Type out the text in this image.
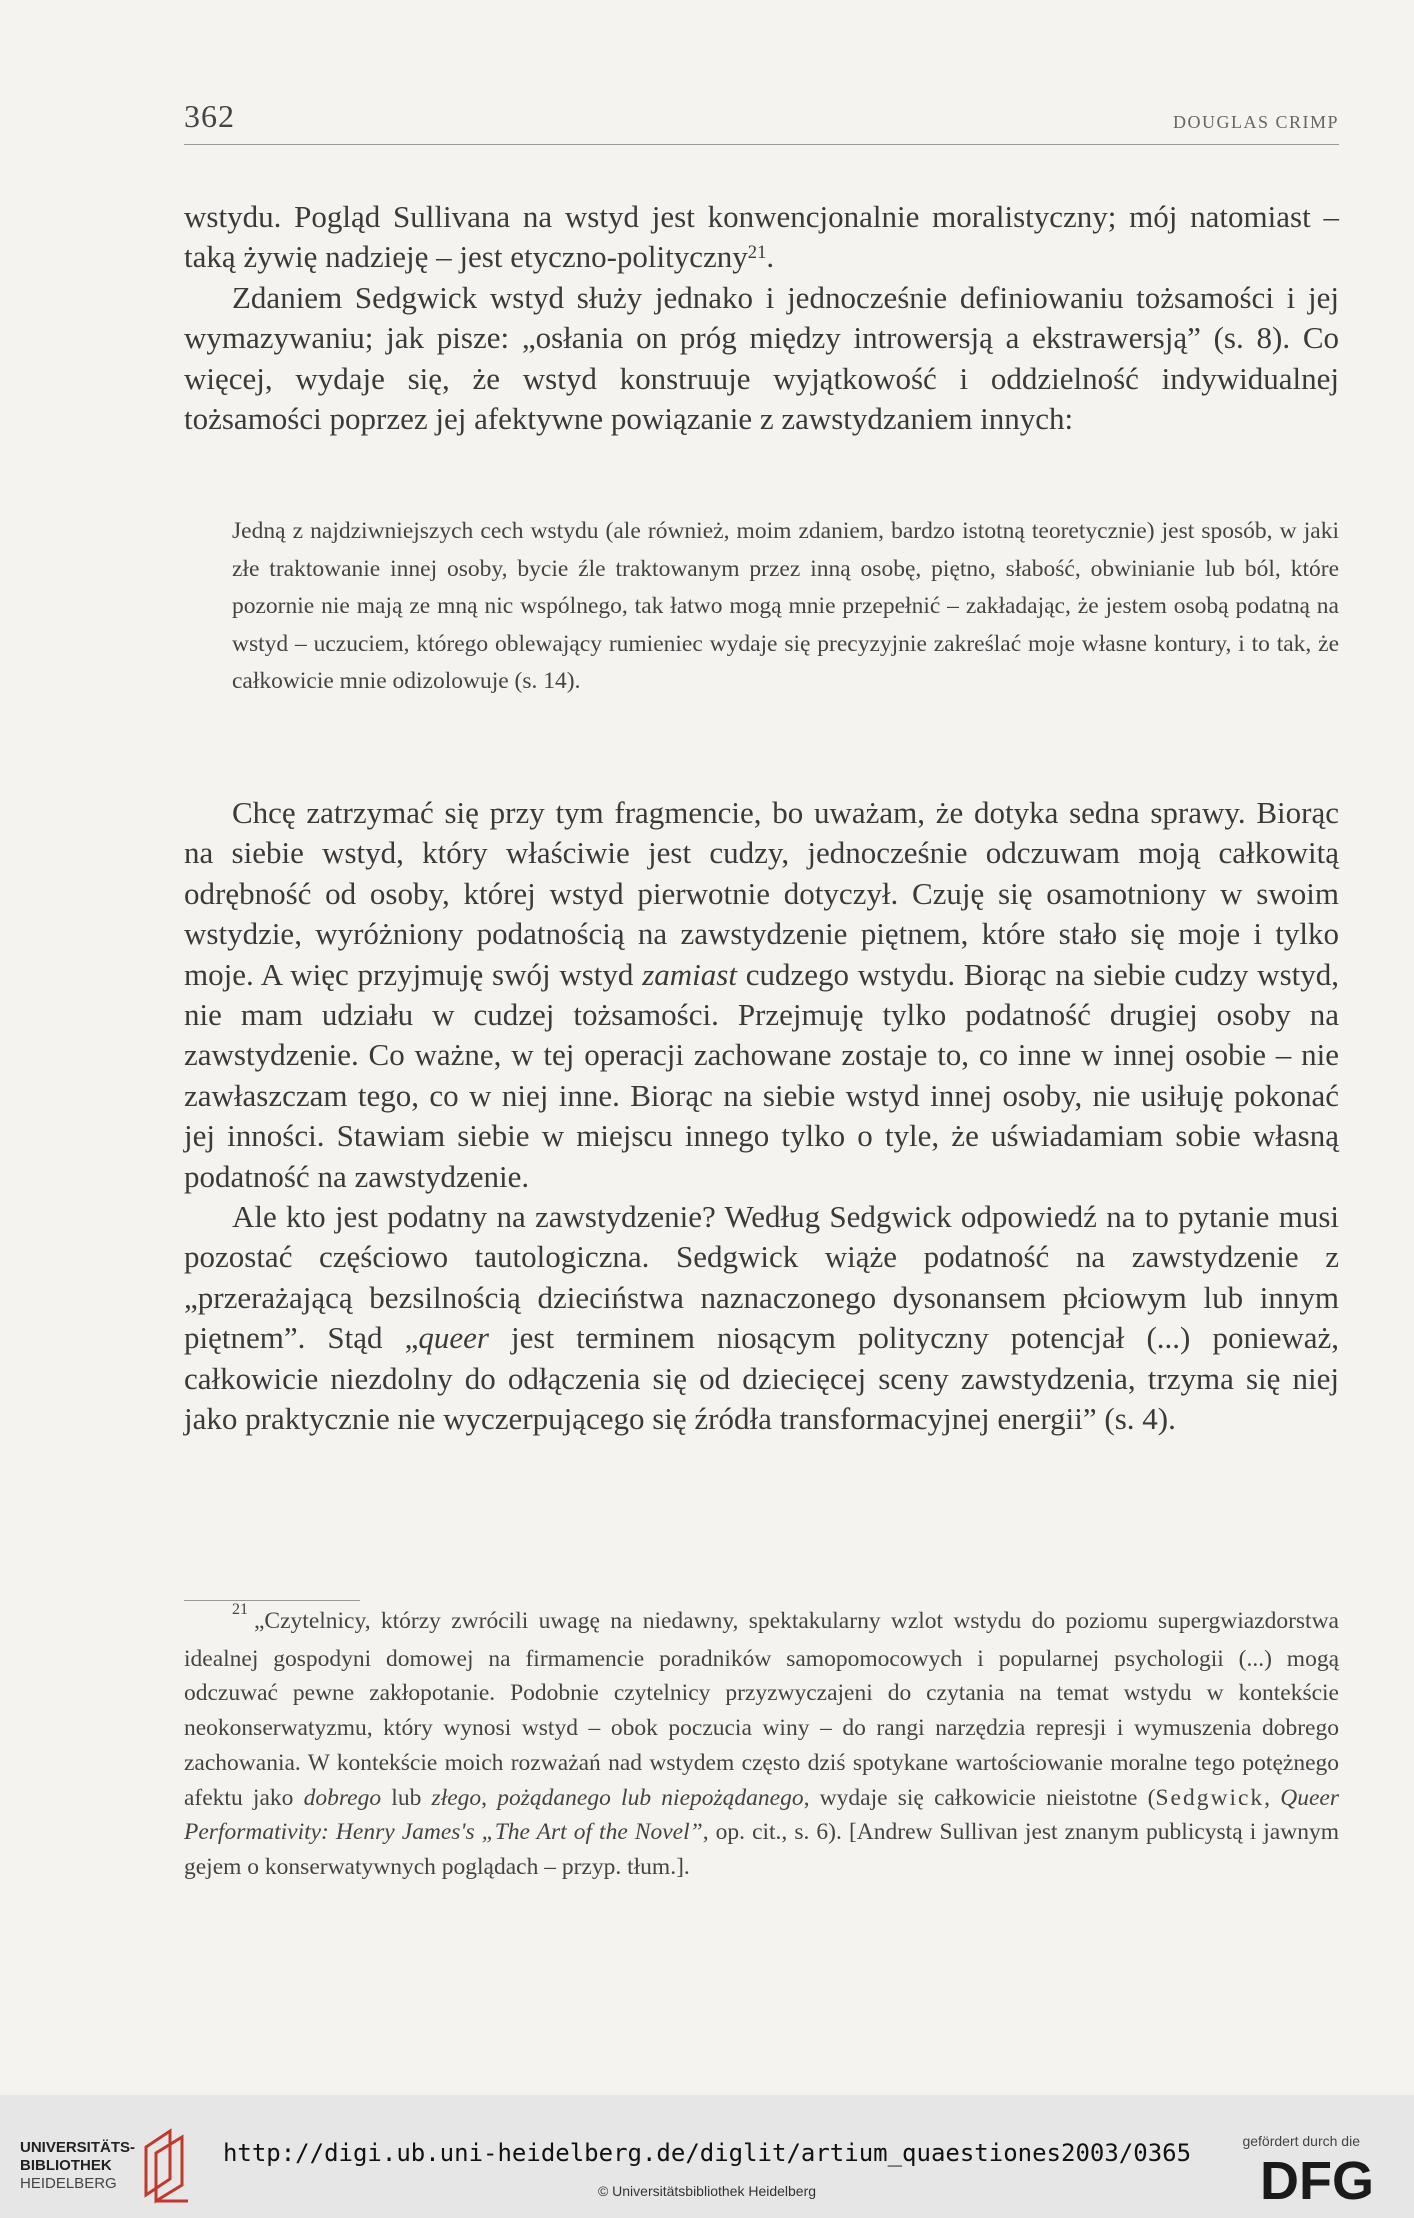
362	DOUGLAS CRIMP

wstydu. Pogląd Sullivana na wstyd jest konwencjonalnie moralistyczny; mój natomiast – taką żywię nadzieję – jest etyczno-polityczny$^{21}$.

Zdaniem Sedgwick wstyd służy jednako i jednocześnie definiowaniu tożsamości i jej wymazywaniu; jak pisze: „osłania on próg między introwersją a ekstrawersją” (s. 8). Co więcej, wydaje się, że wstyd konstruuje wyjątkowość i oddzielność indywidualnej tożsamości poprzez jej afektywne powiązanie z zawstydzaniem innych:

Jedną z najdziwniejszych cech wstydu (ale również, moim zdaniem, bardzo istotną teoretycznie) jest sposób, w jaki złe traktowanie innej osoby, bycie źle traktowanym przez inną osobę, piętno, słabość, obwinianie lub ból, które pozornie nie mają ze mną nic wspólnego, tak łatwo mogą mnie przepełnić – zakładając, że jestem osobą podatną na wstyd – uczuciem, którego oblewający rumieniec wydaje się precyzyjnie zakreślać moje własne kontury, i to tak, że całkowicie mnie odizolowuje (s. 14).

Chcę zatrzymać się przy tym fragmencie, bo uważam, że dotyka sedna sprawy. Biorąc na siebie wstyd, który właściwie jest cudzy, jednocześnie odczuwam moją całkowitą odrębność od osoby, której wstyd pierwotnie dotyczył. Czuję się osamotniony w swoim wstydzie, wyróżniony podatnością na zawstydzenie piętnem, które stało się moje i tylko moje. A więc przyjmuję swój wstyd zamiast cudzego wstydu. Biorąc na siebie cudzy wstyd, nie mam udziału w cudzej tożsamości. Przejmuję tylko podatność drugiej osoby na zawstydzenie. Co ważne, w tej operacji zachowane zostaje to, co inne w innej osobie – nie zawłaszczam tego, co w niej inne. Biorąc na siebie wstyd innej osoby, nie usiłuję pokonać jej inności. Stawiam siebie w miejscu innego tylko o tyle, że uświadamiam sobie własną podatność na zawstydzenie.

Ale kto jest podatny na zawstydzenie? Według Sedgwick odpowiedź na to pytanie musi pozostać częściowo tautologiczna. Sedgwick wiąże podatność na zawstydzenie z „przerażającą bezsilnością dzieciństwa naznaczonego dysonansem płciowym lub innym piętnem”. Stąd „queer jest terminem niosącym polityczny potencjał (...) ponieważ, całkowicie niezdolny do odłączenia się od dziecięcej sceny zawstydzenia, trzyma się niej jako praktycznie nie wyczerpującego się źródła transformacyjnej energii” (s. 4).

$^{21}$ „Czytelnicy, którzy zwrócili uwagę na niedawny, spektakularny wzlot wstydu do poziomu supergwiazdorstwa idealnej gospodyni domowej na firmamencie poradników samopomocowych i popularnej psychologii (...) mogą odczuwać pewne zakłopotanie. Podobnie czytelnicy przyzwyczajeni do czytania na temat wstydu w kontekście neokonserwatyzmu, który wynosi wstyd – obok poczucia winy – do rangi narzędzia represji i wymuszenia dobrego zachowania. W kontekście moich rozważań nad wstydem często dziś spotykane wartościowanie moralne tego potężnego afektu jako dobrego lub złego, pożądanego lub niepożądanego, wydaje się całkowicie nieistotne (Sedgwick, Queer Performativity: Henry James's „The Art of the Novel”, op. cit., s. 6). [Andrew Sullivan jest znanym publicystą i jawnym gejem o konserwatywnych poglądach – przyp. tłum.].
UNIVERSITÄTS-
BIBLIOTHEK
HEIDELBERG
http://digi.ub.uni-heidelberg.de/diglit/artium_quaestiones2003/0365
© Universitätsbibliothek Heidelberg
gefördert durch die
DFG
